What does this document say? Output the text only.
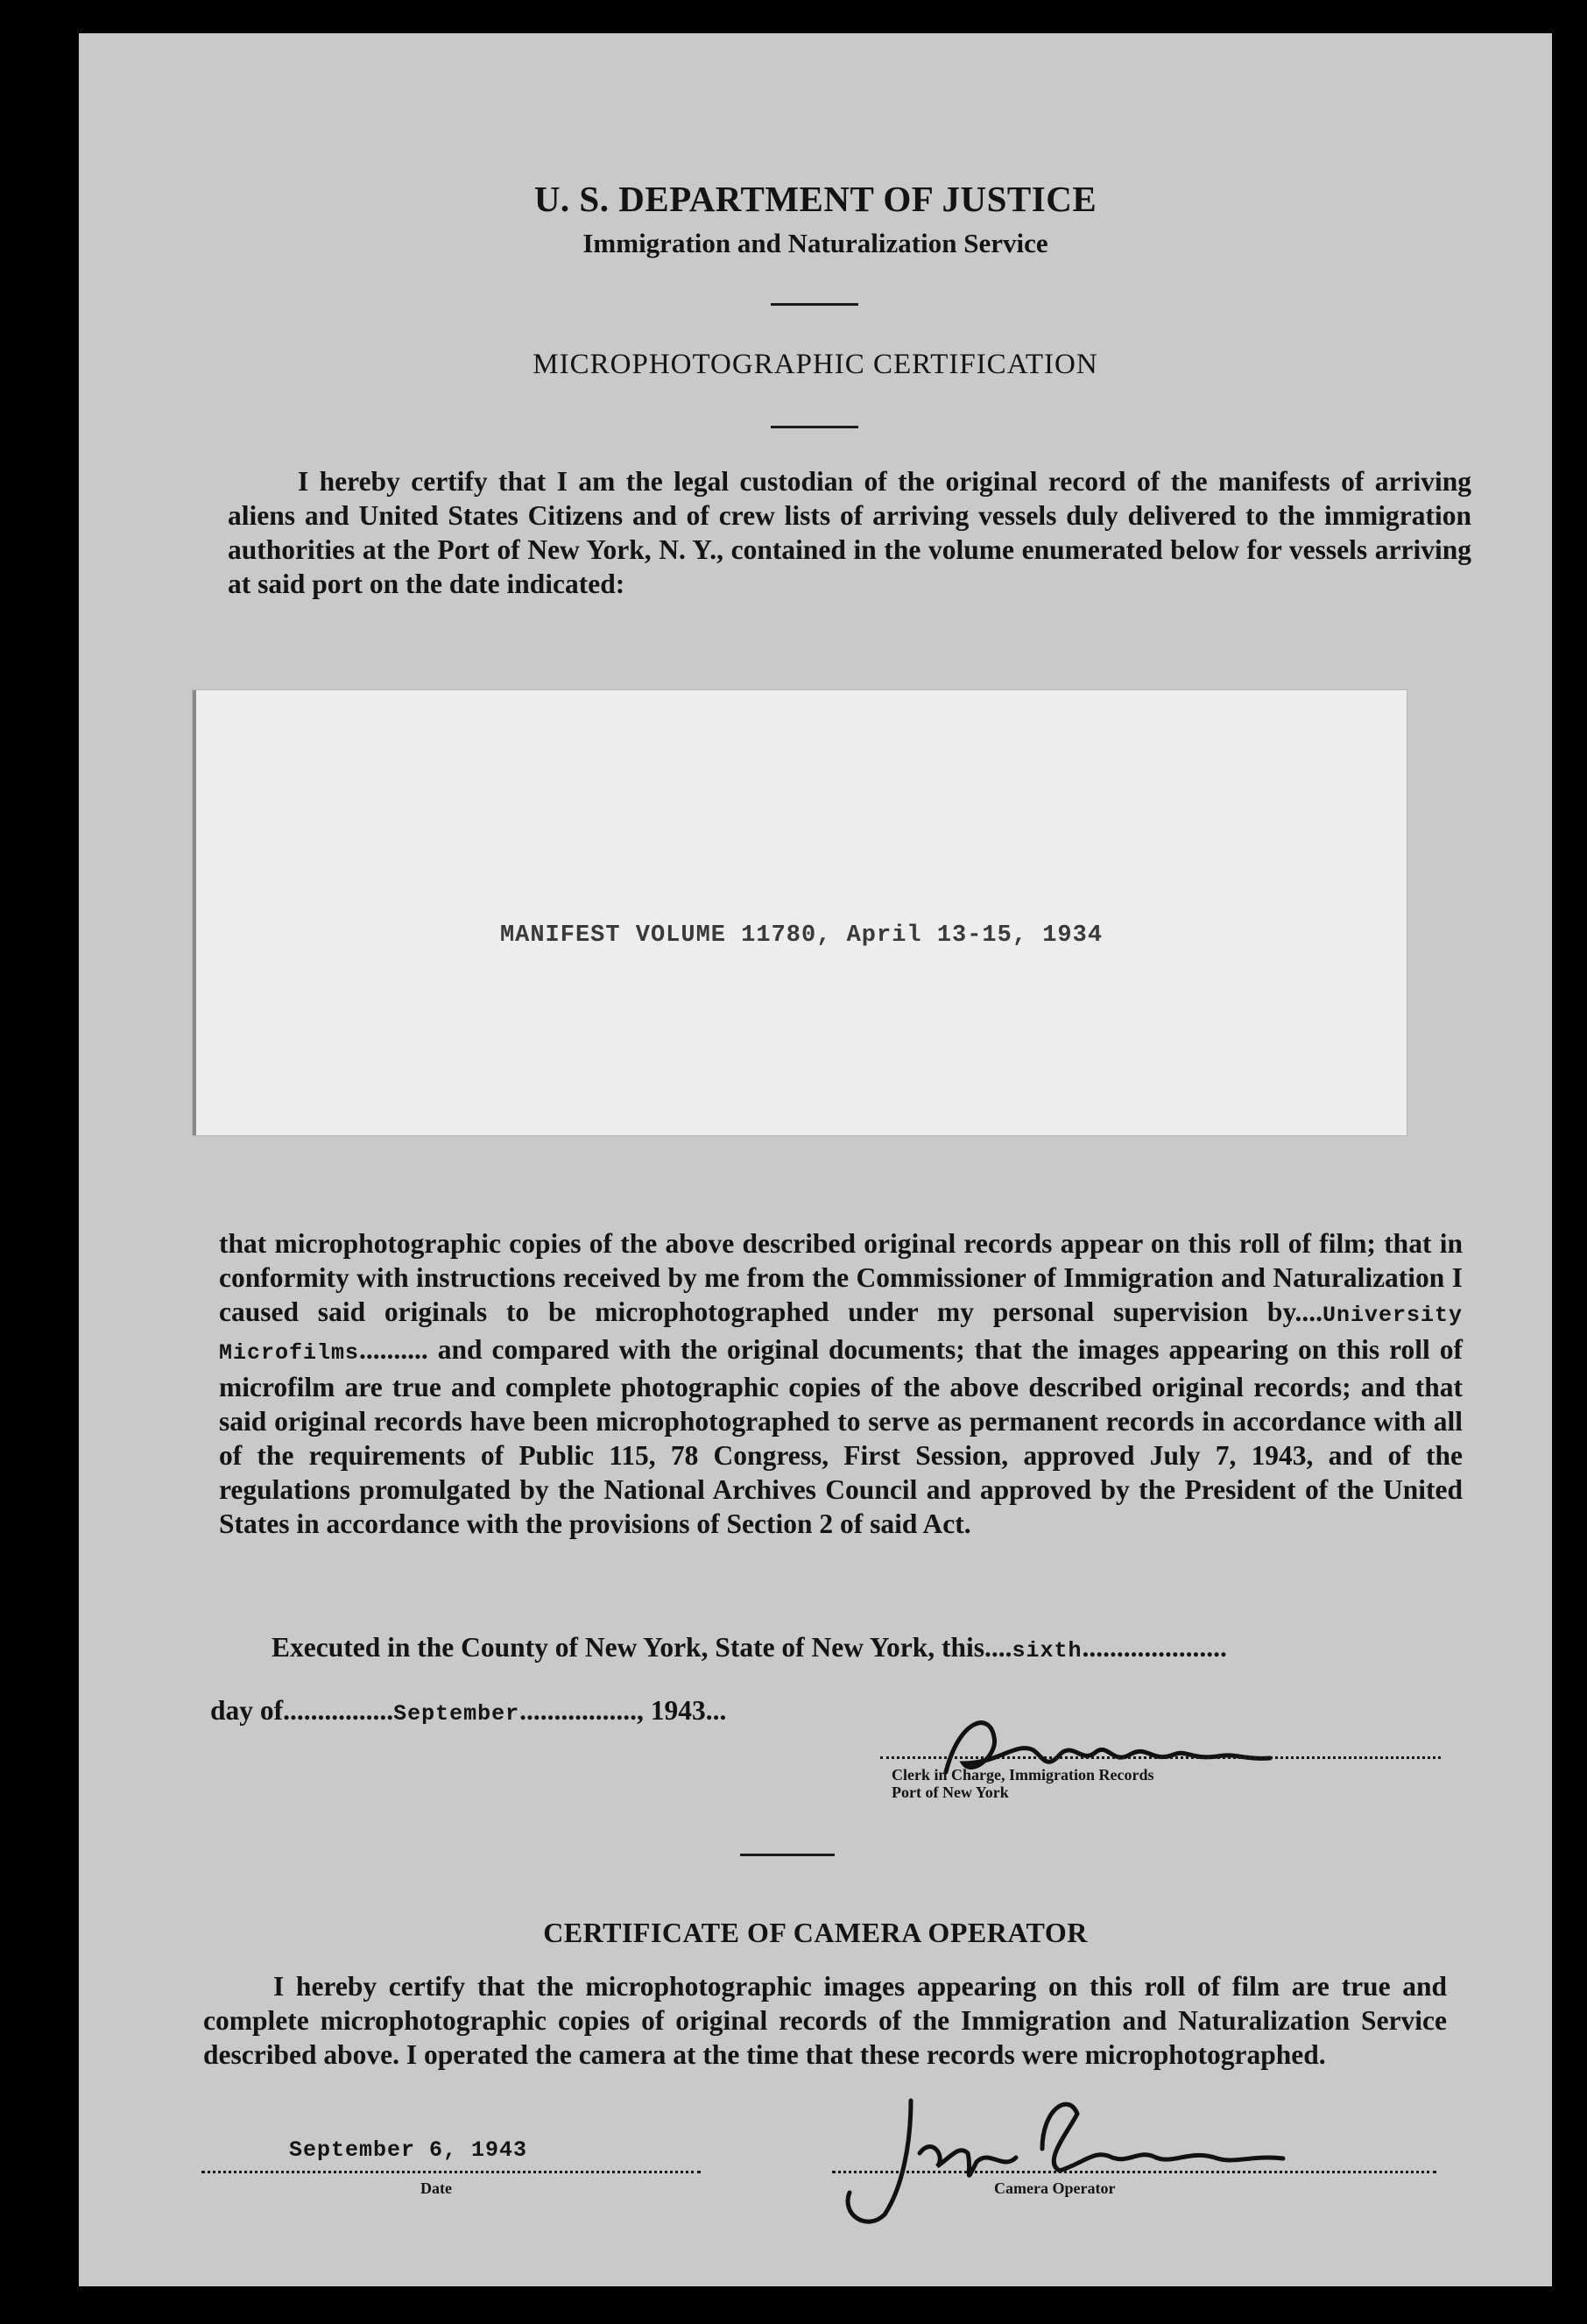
U. S. DEPARTMENT OF JUSTICE
Immigration and Naturalization Service
MICROPHOTOGRAPHIC CERTIFICATION

I hereby certify that I am the legal custodian of the original record of the manifests of arriving aliens and United States Citizens and of crew lists of arriving vessels duly delivered to the immigration authorities at the Port of New York, N. Y., contained in the volume enumerated below for vessels arriving at said port on the date indicated:

MANIFEST VOLUME 11780, April 13-15, 1934

that microphotographic copies of the above described original records appear on this roll of film; that in conformity with instructions received by me from the Commissioner of Immigration and Naturalization I caused said originals to be microphotographed under my personal supervision by....University Microfilms.......... and compared with the original documents; that the images appearing on this roll of microfilm are true and complete photographic copies of the above described original records; and that said original records have been microphotographed to serve as permanent records in accordance with all of the requirements of Public 115, 78 Congress, First Session, approved July 7, 1943, and of the regulations promulgated by the National Archives Council and approved by the President of the United States in accordance with the provisions of Section 2 of said Act.

Executed in the County of New York, State of New York, this....sixth.....................
day of................September................., 1943...
Clerk in Charge, Immigration Records
Port of New York
CERTIFICATE OF CAMERA OPERATOR

I hereby certify that the microphotographic images appearing on this roll of film are true and complete microphotographic copies of original records of the Immigration and Naturalization Service described above. I operated the camera at the time that these records were microphotographed.

September 6, 1943
Date	Camera Operator
